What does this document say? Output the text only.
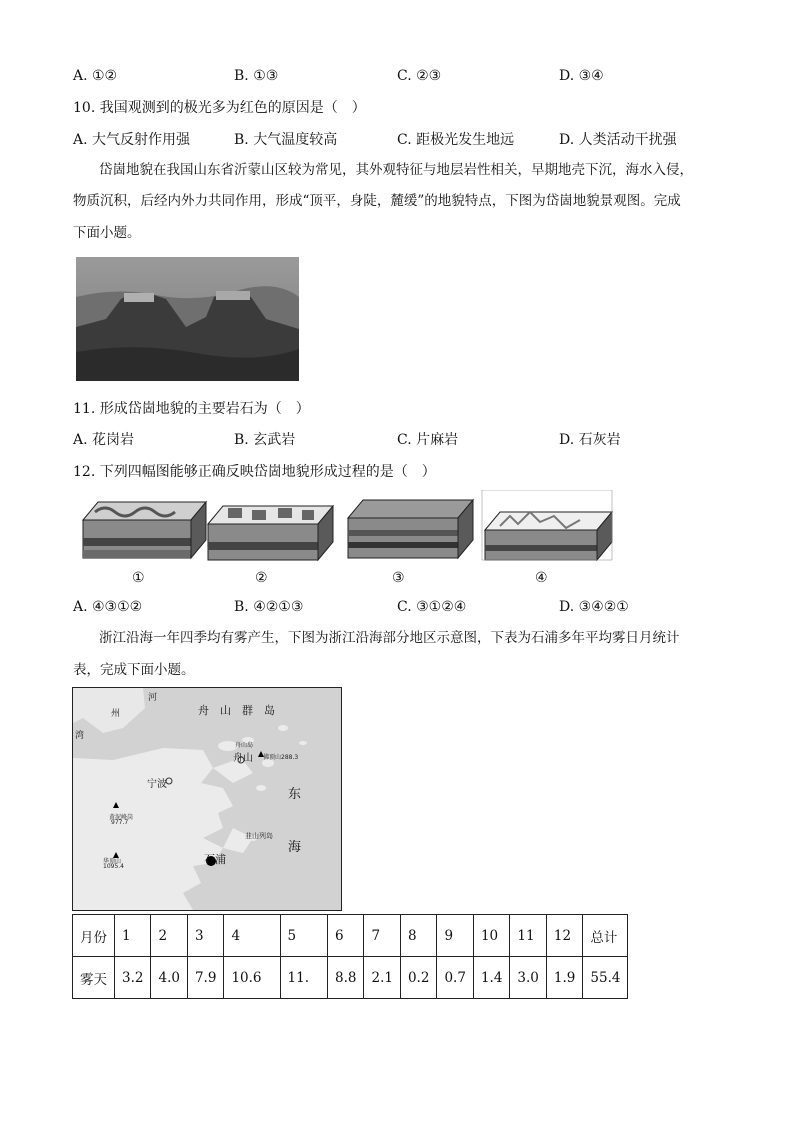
A. ①②	B. ①③	C. ②③	D. ③④
10. 我国观测到的极光多为红色的原因是（　）
A. 大气反射作用强	B. 大气温度较高	C. 距极光发生地远	D. 人类活动干扰强
岱崮地貌在我国山东省沂蒙山区较为常见，其外观特征与地层岩性相关，早期地壳下沉，海水入侵，
物质沉积，后经内外力共同作用，形成“顶平，身陡，麓缓”的地貌特点，下图为岱崮地貌景观图。完成
下面小题。
11. 形成岱崮地貌的主要岩石为（　）
A. 花岗岩	B. 玄武岩	C. 片麻岩	D. 石灰岩
12. 下列四幅图能够正确反映岱崮地貌形成过程的是（　）
①	②	③	④
A. ④③①②	B. ④②①③	C. ③①②④	D. ③④②①
浙江沿海一年四季均有雾产生，下图为浙江沿海部分地区示意图，下表为石浦多年平均雾日月统计
表，完成下面小题。
河
州
湾
舟　山　群　岛
舟山岛
舟山 佛顶山288.3
宁波
东
黄泥峰岗
977.7
韭山列岛
海
石浦
华顶山
1095.4
月份	1	2	3	4	5	6	7	8	9	10	11	12	总计
雾天	3.2	4.0	7.9	10.6	11.	8.8	2.1	0.2	0.7	1.4	3.0	1.9	55.4
